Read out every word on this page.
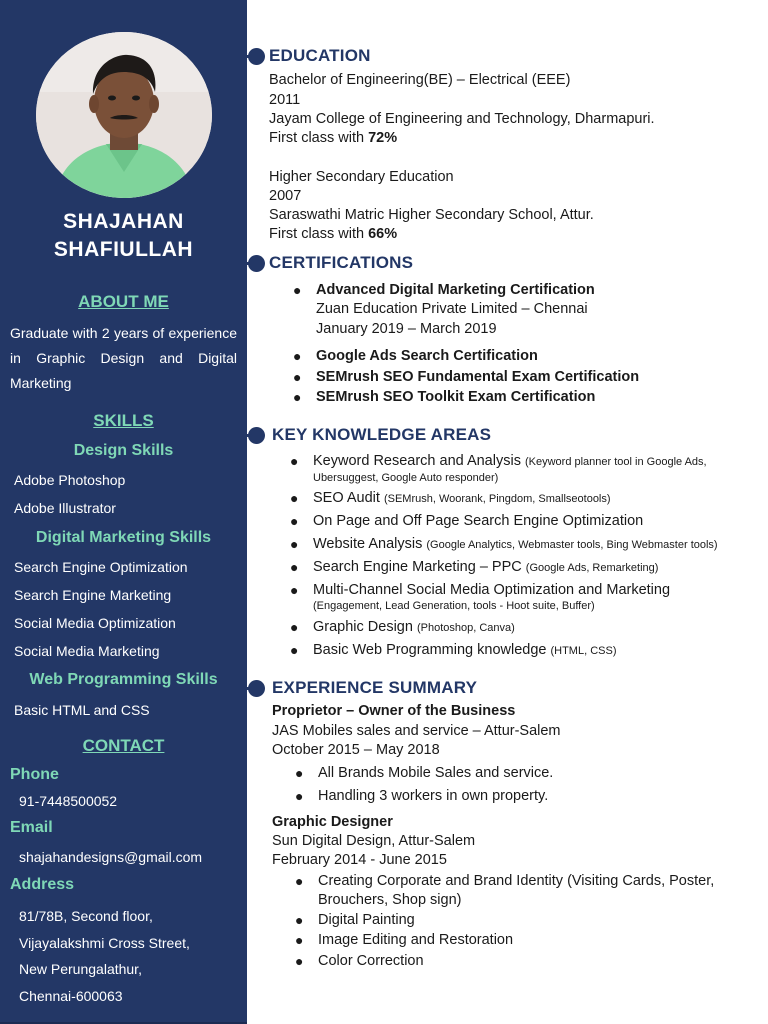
SHAJAHAN
SHAFIULLAH
ABOUT ME
Graduate with 2 years of experience in Graphic Design and Digital Marketing
SKILLS
Design Skills
Adobe Photoshop
Adobe Illustrator
Digital Marketing Skills
Search Engine Optimization
Search Engine Marketing
Social Media Optimization
Social Media Marketing
Web Programming Skills
Basic HTML and CSS
CONTACT
Phone
91-7448500052
Email
shajahandesigns@gmail.com
Address
81/78B, Second floor,
Vijayalakshmi Cross Street,
New Perungalathur,
Chennai-600063
EDUCATION
Bachelor of Engineering(BE) – Electrical (EEE)
2011
Jayam College of Engineering and Technology, Dharmapuri.
First class with 72%
Higher Secondary Education
2007
Saraswathi Matric Higher Secondary School, Attur.
First class with 66%
CERTIFICATIONS
● Advanced Digital Marketing Certification
Zuan Education Private Limited – Chennai
January 2019 – March 2019
● Google Ads Search Certification
● SEMrush SEO Fundamental Exam Certification
● SEMrush SEO Toolkit Exam Certification
KEY KNOWLEDGE AREAS
● Keyword Research and Analysis (Keyword planner tool in Google Ads,
Ubersuggest, Google Auto responder)
● SEO Audit (SEMrush, Woorank, Pingdom, Smallseotools)
● On Page and Off Page Search Engine Optimization
● Website Analysis (Google Analytics, Webmaster tools, Bing Webmaster tools)
● Search Engine Marketing – PPC (Google Ads, Remarketing)
● Multi-Channel Social Media Optimization and Marketing
(Engagement, Lead Generation, tools - Hoot suite, Buffer)
● Graphic Design (Photoshop, Canva)
● Basic Web Programming knowledge (HTML, CSS)
EXPERIENCE SUMMARY
Proprietor – Owner of the Business
JAS Mobiles sales and service – Attur-Salem
October 2015 – May 2018
● All Brands Mobile Sales and service.
● Handling 3 workers in own property.
Graphic Designer
Sun Digital Design, Attur-Salem
February 2014 - June 2015
● Creating Corporate and Brand Identity (Visiting Cards, Poster,
Brouchers, Shop sign)
● Digital Painting
● Image Editing and Restoration
● Color Correction
